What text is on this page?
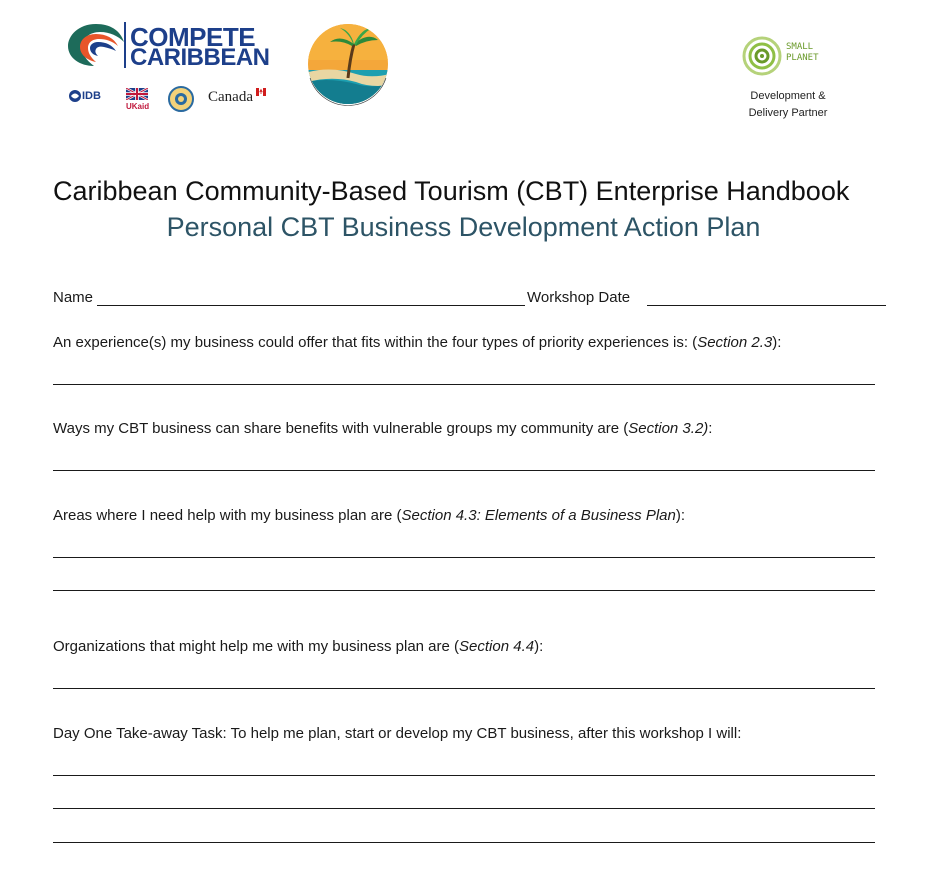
COMPETE
CARIBBEAN
IDB
UKaid
Canada
SMALL
PLANET
Development &
Delivery Partner
Caribbean Community-Based Tourism (CBT) Enterprise Handbook
Personal CBT Business Development Action Plan
Name	Workshop Date
An experience(s) my business could offer that fits within the four types of priority experiences is: (Section 2.3):
Ways my CBT business can share benefits with vulnerable groups my community are (Section 3.2):
Areas where I need help with my business plan are (Section 4.3: Elements of a Business Plan):
Organizations that might help me with my business plan are (Section 4.4):
Day One Take-away Task: To help me plan, start or develop my CBT business, after this workshop I will:
